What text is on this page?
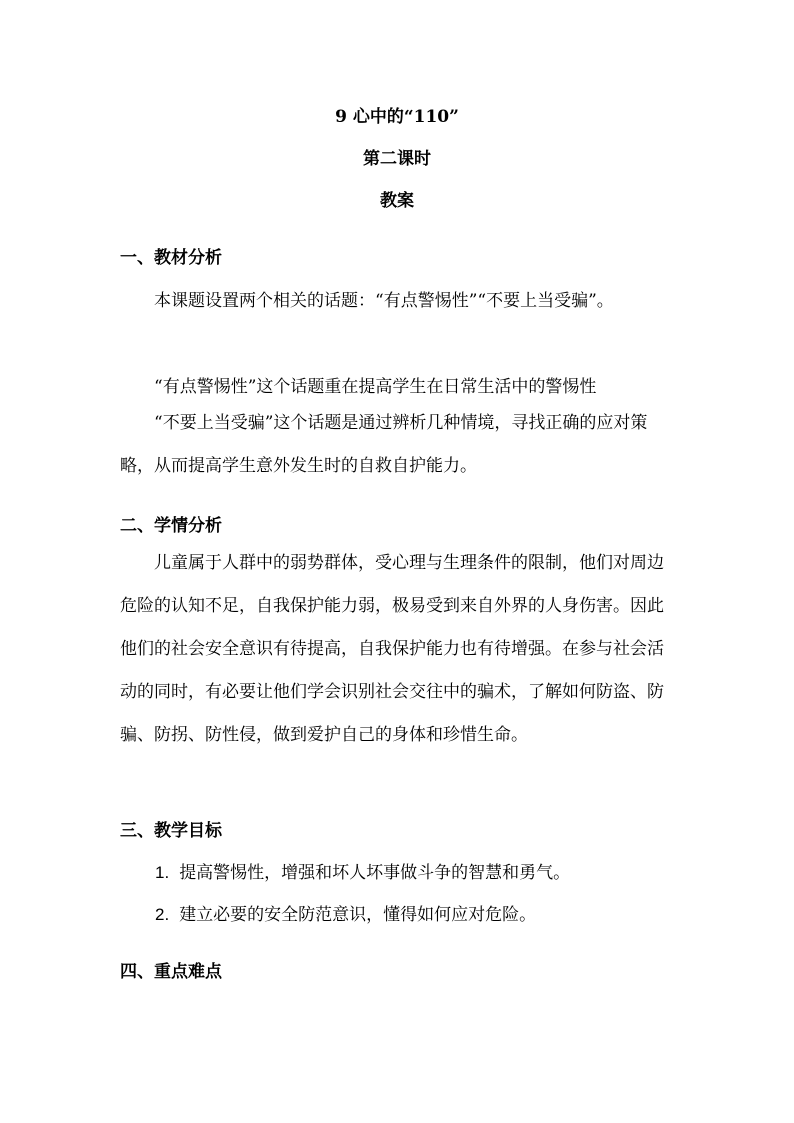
9 心中的“110”
第二课时
教案
一、教材分析

本课题设置两个相关的话题：“有点警惕性”“不要上当受骗”。

“有点警惕性”这个话题重在提高学生在日常生活中的警惕性

“不要上当受骗”这个话题是通过辨析几种情境，寻找正确的应对策略，从而提高学生意外发生时的自救自护能力。

二、学情分析

儿童属于人群中的弱势群体，受心理与生理条件的限制，他们对周边危险的认知不足，自我保护能力弱，极易受到来自外界的人身伤害。因此他们的社会安全意识有待提高，自我保护能力也有待增强。在参与社会活动的同时，有必要让他们学会识别社会交往中的骗术，了解如何防盗、防骗、防拐、防性侵，做到爱护自己的身体和珍惜生命。

三、教学目标
1. 提高警惕性，增强和坏人坏事做斗争的智慧和勇气。
2. 建立必要的安全防范意识，懂得如何应对危险。
四、重点难点
